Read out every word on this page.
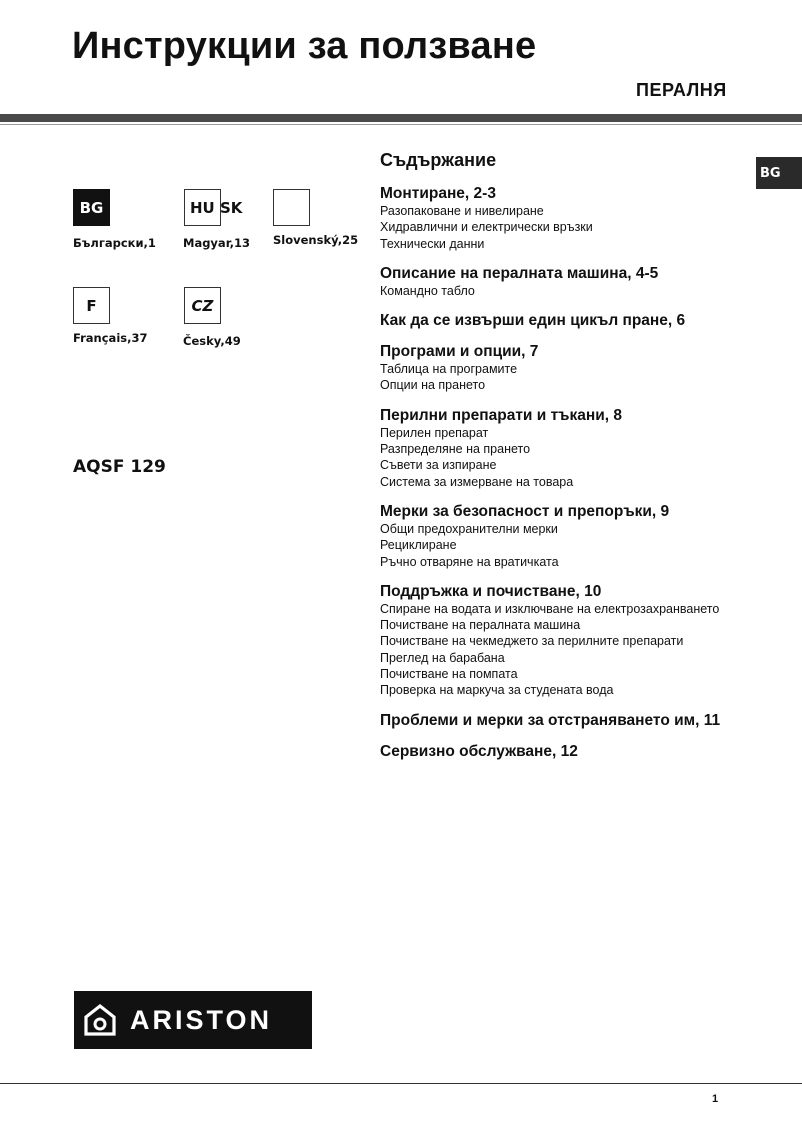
Инструкции за ползване
ПЕРАЛНЯ
BG
BG
Български,1
HU SK
Magyar,13 Slovenský,25
F
Français,37
CZ
Česky,49
AQSF 129
Съдържание
Монтиране, 2-3
Разопаковане и нивелиране
Хидравлични и електрически връзки
Технически данни
Описание на пералната машина, 4-5
Командно табло
Как да се извърши един цикъл пране, 6
Програми и опции, 7
Таблица на програмите
Опции на прането
Перилни препарати и тъкани, 8
Перилен препарат
Разпределяне на прането
Съвети за изпиране
Система за измерване на товара
Мерки за безопасност и препоръки, 9
Общи предохранителни мерки
Рециклиране
Ръчно отваряне на вратичката
Поддръжка и почистване, 10
Спиране на водата и изключване на електрозахранването
Почистване на пералната машина
Почистване на чекмеджето за перилните препарати
Преглед на барабана
Почистване на помпата
Проверка на маркуча за студената вода
Проблеми и мерки за отстраняването им, 11
Сервизно обслужване, 12
ARISTON
1
